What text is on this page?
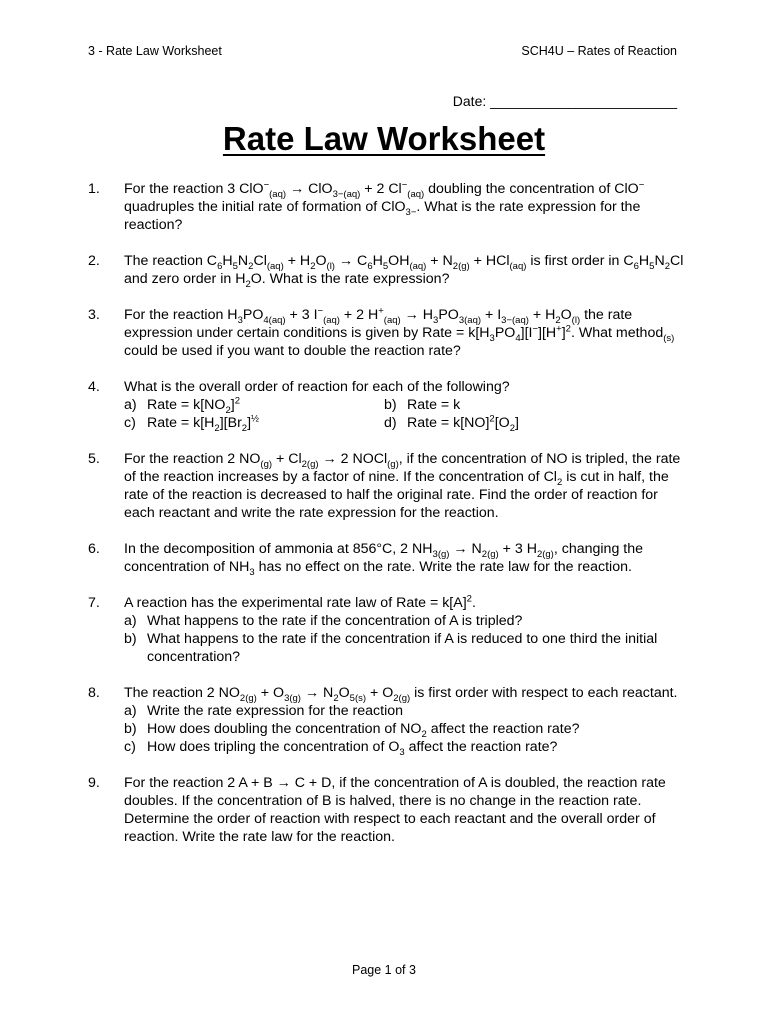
3 - Rate Law Worksheet	SCH4U – Rates of Reaction
Date: ________________________
Rate Law Worksheet
1. For the reaction 3 ClO−$_{(aq)}$ → ClO$_{3-(aq)}$ + 2 $Cl^-_{(aq)}$ doubling the concentration of ClO− quadruples the initial rate of formation of ClO$_{3-}$. What is the rate expression for the reaction?
2. The reaction $C_6H_5N_2Cl_{(aq)} + H_2O_{(l)} \to C_6H_5OH_{(aq)} + N_{2(g)} + HCl_{(aq)}$ is first order in $C_6H_5N_2Cl$ and zero order in $H_2O$. What is the rate expression?
3. For the reaction $H_3PO_{4(aq)} + 3$ $I^-_{(aq)} + 2$ $H^+_{(aq)} \to H_3PO_{3(aq)} + I_{3-(aq)} + H_2O_{(l)}$ the rate expression under certain conditions is given by Rate = $k[H_3PO_4][I^-][H^+]^2$. What method$_{(s)}$ could be used if you want to double the reaction rate?
4. What is the overall order of reaction for each of the following?
a) Rate = $k[NO_2]^2$	b) Rate = k
c) Rate = $k[H_2][Br_2]^{\frac{1}{2}}$	d) Rate = $k[NO]^2[O_2]$
5. For the reaction 2 $NO_{(g)} + Cl_{2(g)} \to 2$ NOCl$_{(g)}$, if the concentration of NO is tripled, the rate of the reaction increases by a factor of nine. If the concentration of $Cl_2$ is cut in half, the rate of the reaction is decreased to half the original rate. Find the order of reaction for each reactant and write the rate expression for the reaction.
6. In the decomposition of ammonia at 856°C, 2 $NH_{3(g)} \to N_{2(g)} + 3$ $H_{2(g)}$, changing the concentration of $NH_3$ has no effect on the rate. Write the rate law for the reaction.
7. A reaction has the experimental rate law of Rate = $k[A]^2$.
a) What happens to the rate if the concentration of A is tripled?
b) What happens to the rate if the concentration if A is reduced to one third the initial concentration?
8. The reaction 2 $NO_{2(g)} + O_{3(g)} \to N_2O_{5(s)} + O_{2(g)}$ is first order with respect to each reactant.
a) Write the rate expression for the reaction
b) How does doubling the concentration of $NO_2$ affect the reaction rate?
c) How does tripling the concentration of $O_3$ affect the reaction rate?
9. For the reaction 2 A + B → C + D, if the concentration of A is doubled, the reaction rate doubles. If the concentration of B is halved, there is no change in the reaction rate. Determine the order of reaction with respect to each reactant and the overall order of reaction. Write the rate law for the reaction.
Page 1 of 3
